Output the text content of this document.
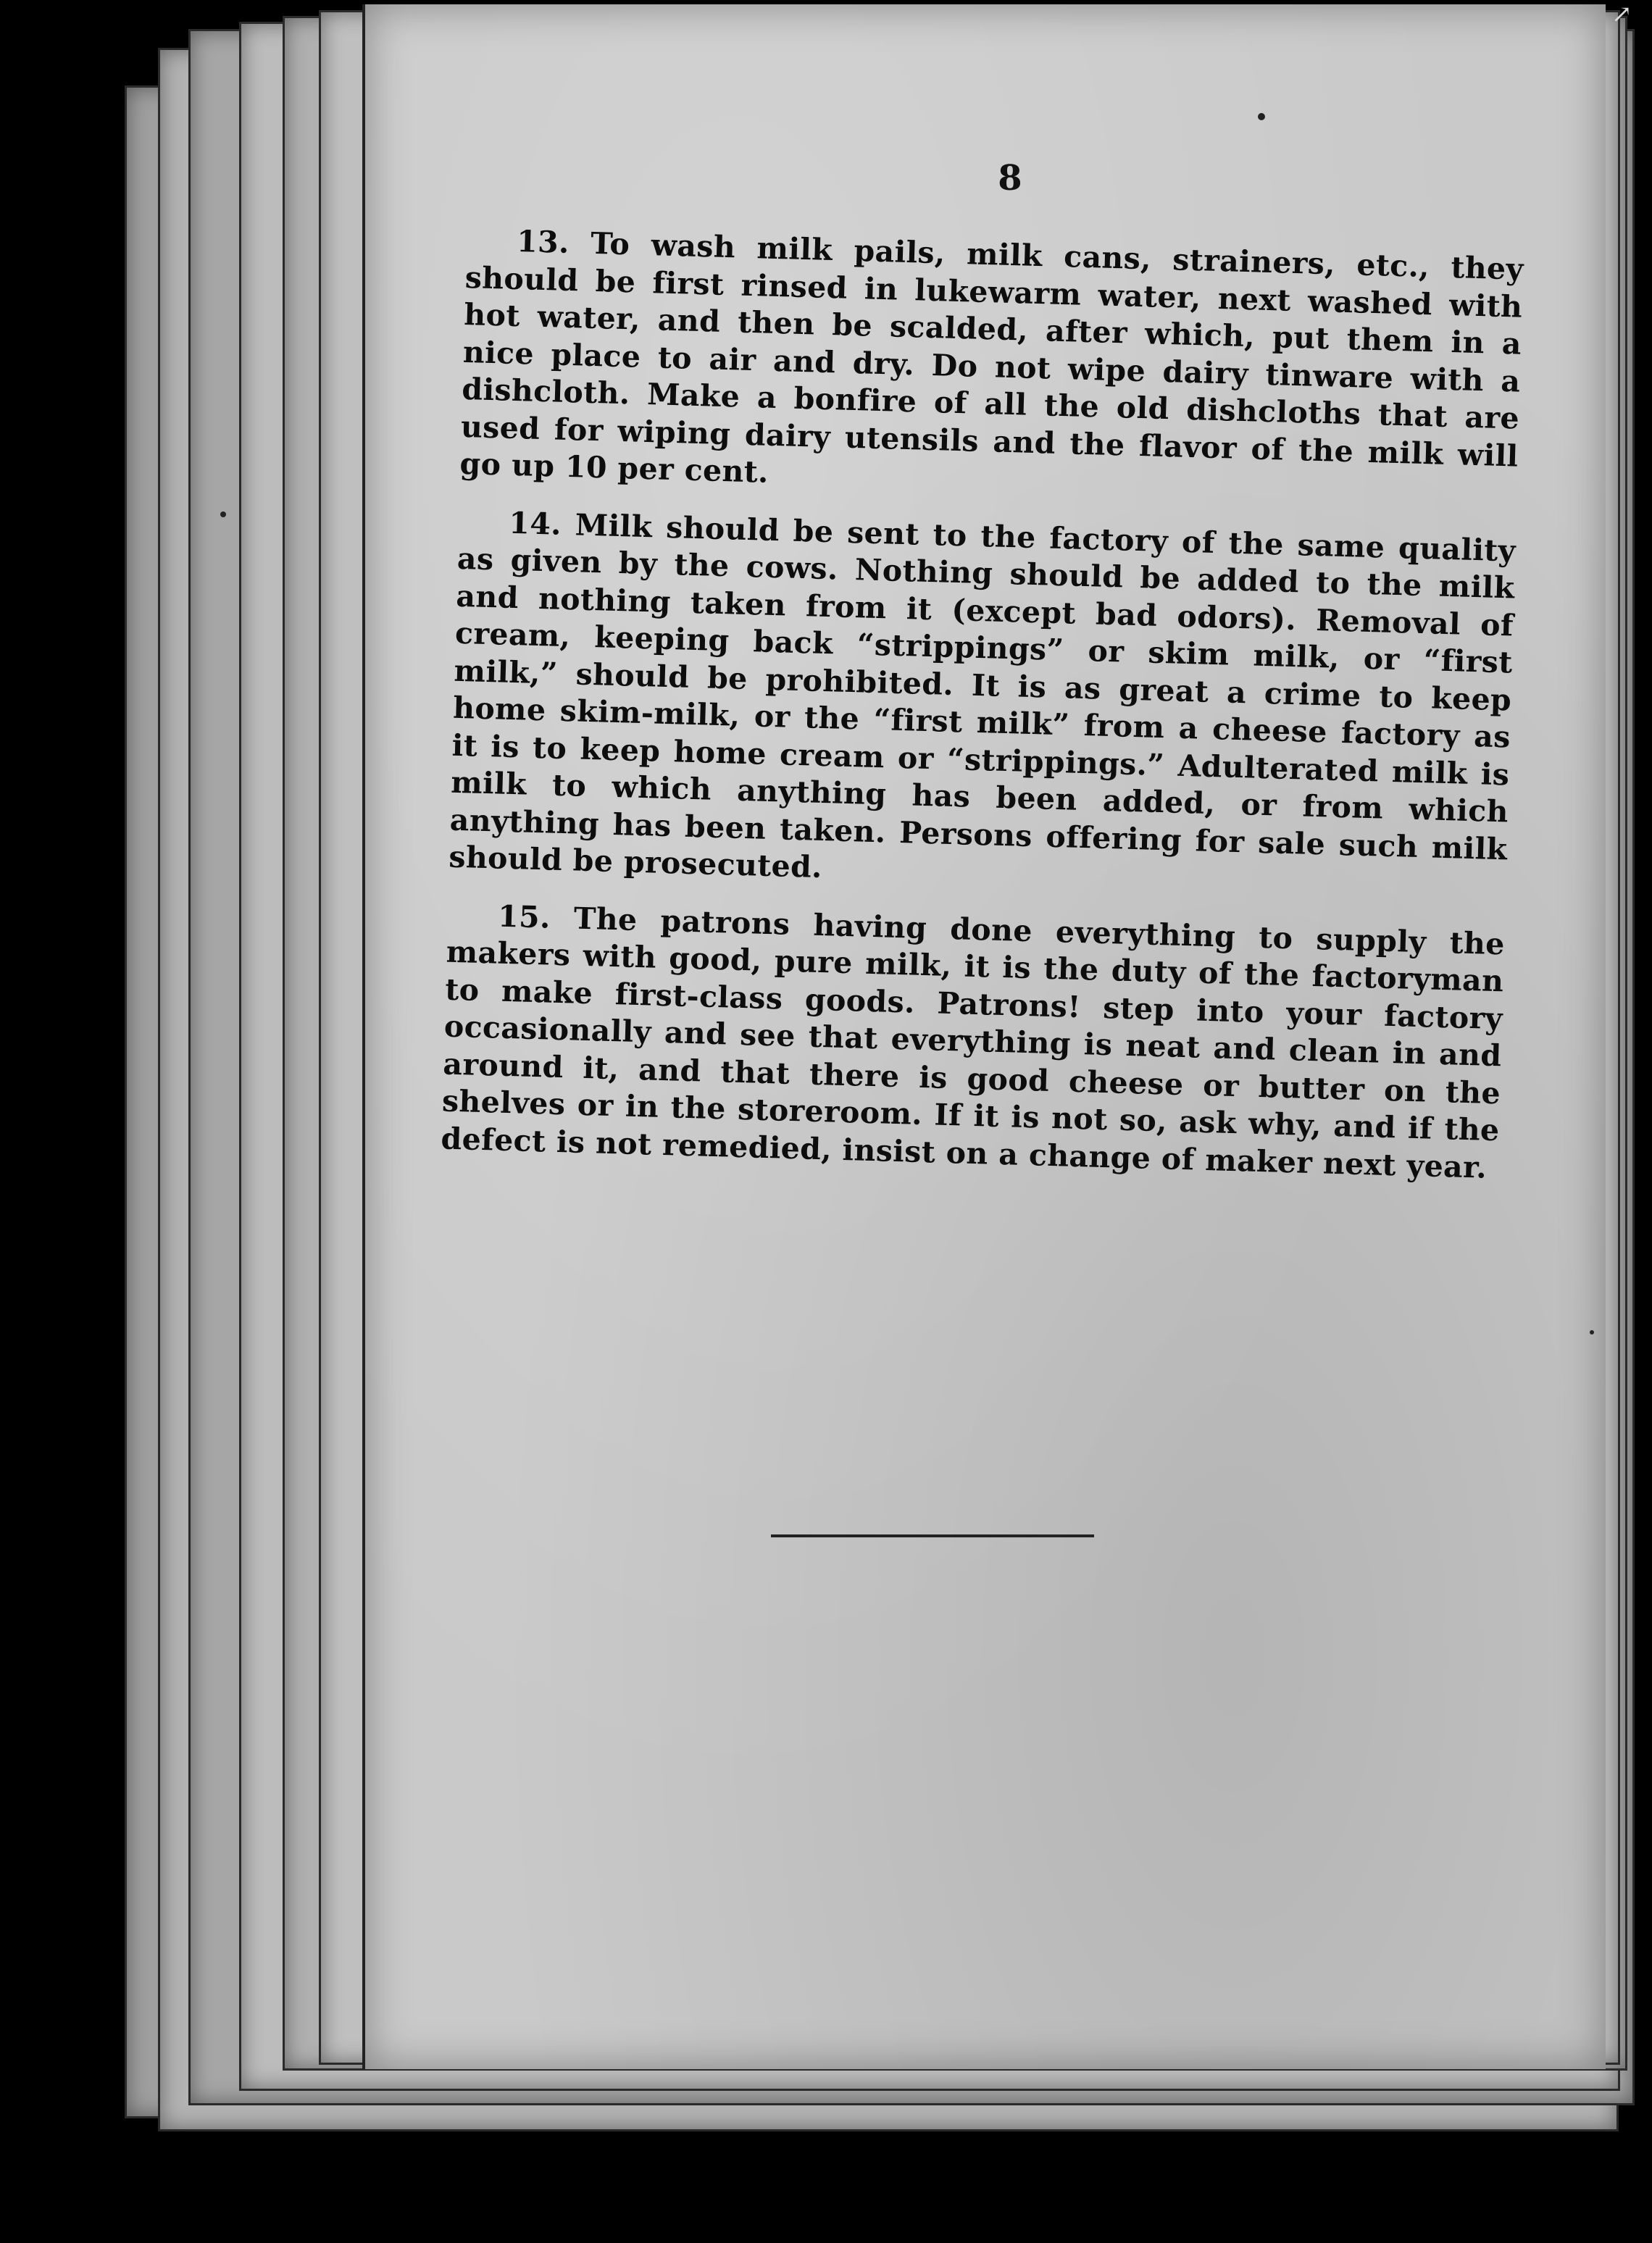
8

13. To wash milk pails, milk cans, strainers, etc., they should be first rinsed in lukewarm water, next washed with hot water, and then be scalded, after which, put them in a nice place to air and dry. Do not wipe dairy tinware with a dishcloth. Make a bonfire of all the old dishcloths that are used for wiping dairy utensils and the flavor of the milk will go up 10 per cent.

14. Milk should be sent to the factory of the same quality as given by the cows. Nothing should be added to the milk and nothing taken from it (except bad odors). Removal of cream, keeping back “strippings” or skim milk, or “first milk,” should be prohibited. It is as great a crime to keep home skim-milk, or the “first milk” from a cheese factory as it is to keep home cream or “strippings.” Adulterated milk is milk to which anything has been added, or from which anything has been taken. Persons offering for sale such milk should be prosecuted.

15. The patrons having done everything to supply the makers with good, pure milk, it is the duty of the factoryman to make first-class goods. Patrons! step into your factory occasionally and see that everything is neat and clean in and around it, and that there is good cheese or butter on the shelves or in the storeroom. If it is not so, ask why, and if the defect is not remedied, insist on a change of maker next year.

↗
